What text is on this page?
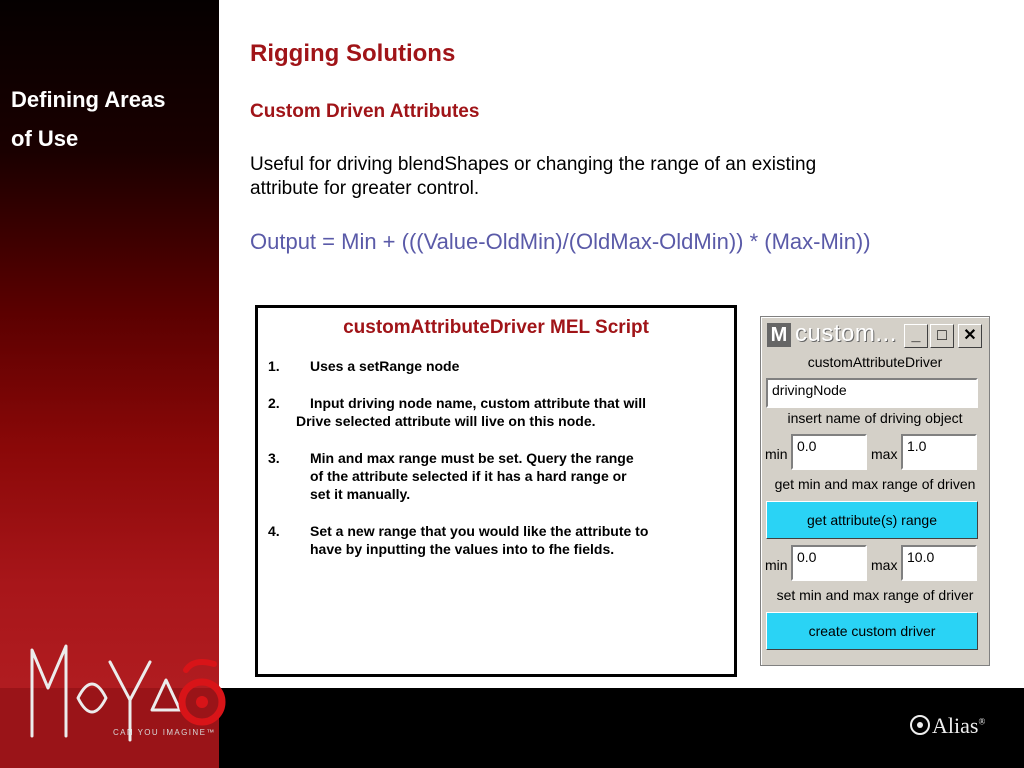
Defining Areas
of Use
CAN YOU IMAGINE™	Alias®
Rigging Solutions
Custom Driven Attributes
Useful for driving blendShapes or changing the range of an existing
attribute for greater control.
Output = Min + (((Value-OldMin)/(OldMax-OldMin)) * (Max-Min))
customAttributeDriver MEL Script
1. Uses a setRange node
2. Input driving node name, custom attribute that will
Drive selected attribute will live on this node.
3. Min and max range must be set. Query the range
of the attribute selected if it has a hard range or
set it manually.
4. Set a new range that you would like the attribute to
have by inputting the values into to fhe fields.
M custom... _	□	✕
customAttributeDriver
drivingNode
insert name of driving object
min 0.0	max 1.0
get min and max range of driven
get attribute(s) range
min 0.0	max 10.0
set min and max range of driver
create custom driver
